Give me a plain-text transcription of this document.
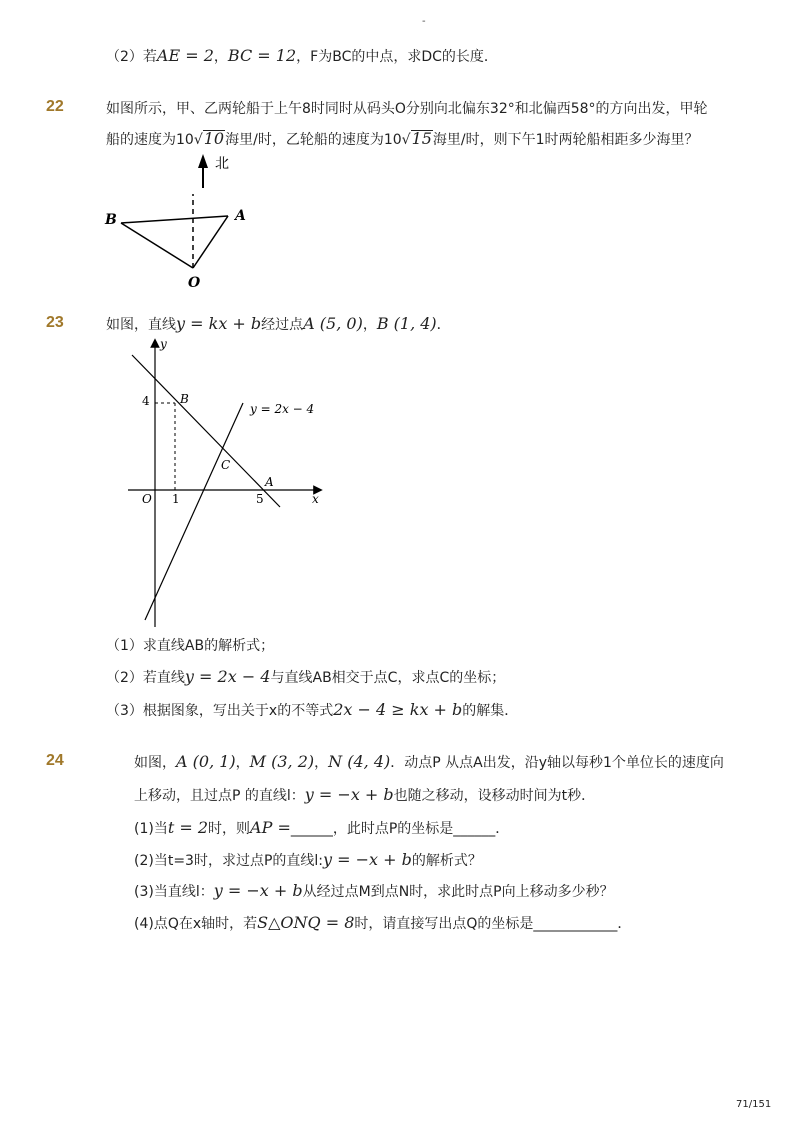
-
（2）若AE = 2，BC = 12，F为BC的中点，求DC的长度．
22	如图所示，甲、乙两轮船于上午8时同时从码头O分别向北偏东32°和北偏西58°的方向出发，甲轮
船的速度为10√10海里/时，乙轮船的速度为10√15海里/时，则下午1时两轮船相距多少海里？
北
B	A
O
23	如图，直线y = kx + b经过点A (5, 0)，B (1, 4)．
y
x
O 1	5
4	B
C
A
y = 2x − 4
（1）求直线AB的解析式；
（2）若直线y = 2x − 4与直线AB相交于点C，求点C的坐标；
（3）根据图象，写出关于x的不等式2x − 4 ≥ kx + b的解集．
24	如图，A (0, 1)，M (3, 2)，N (4, 4)．动点P 从点A出发，沿y轴以每秒1个单位长的速度向
上移动，且过点P 的直线l：y = −x + b也随之移动，设移动时间为t秒．
(1)当t = 2时，则AP =______，此时点P的坐标是______．
(2)当t=3时，求过点P的直线l:y = −x + b的解析式？
(3)当直线l：y = −x + b从经过点M到点N时，求此时点P向上移动多少秒？
(4)点Q在x轴时，若S△ONQ = 8时，请直接写出点Q的坐标是____________．
71/151
